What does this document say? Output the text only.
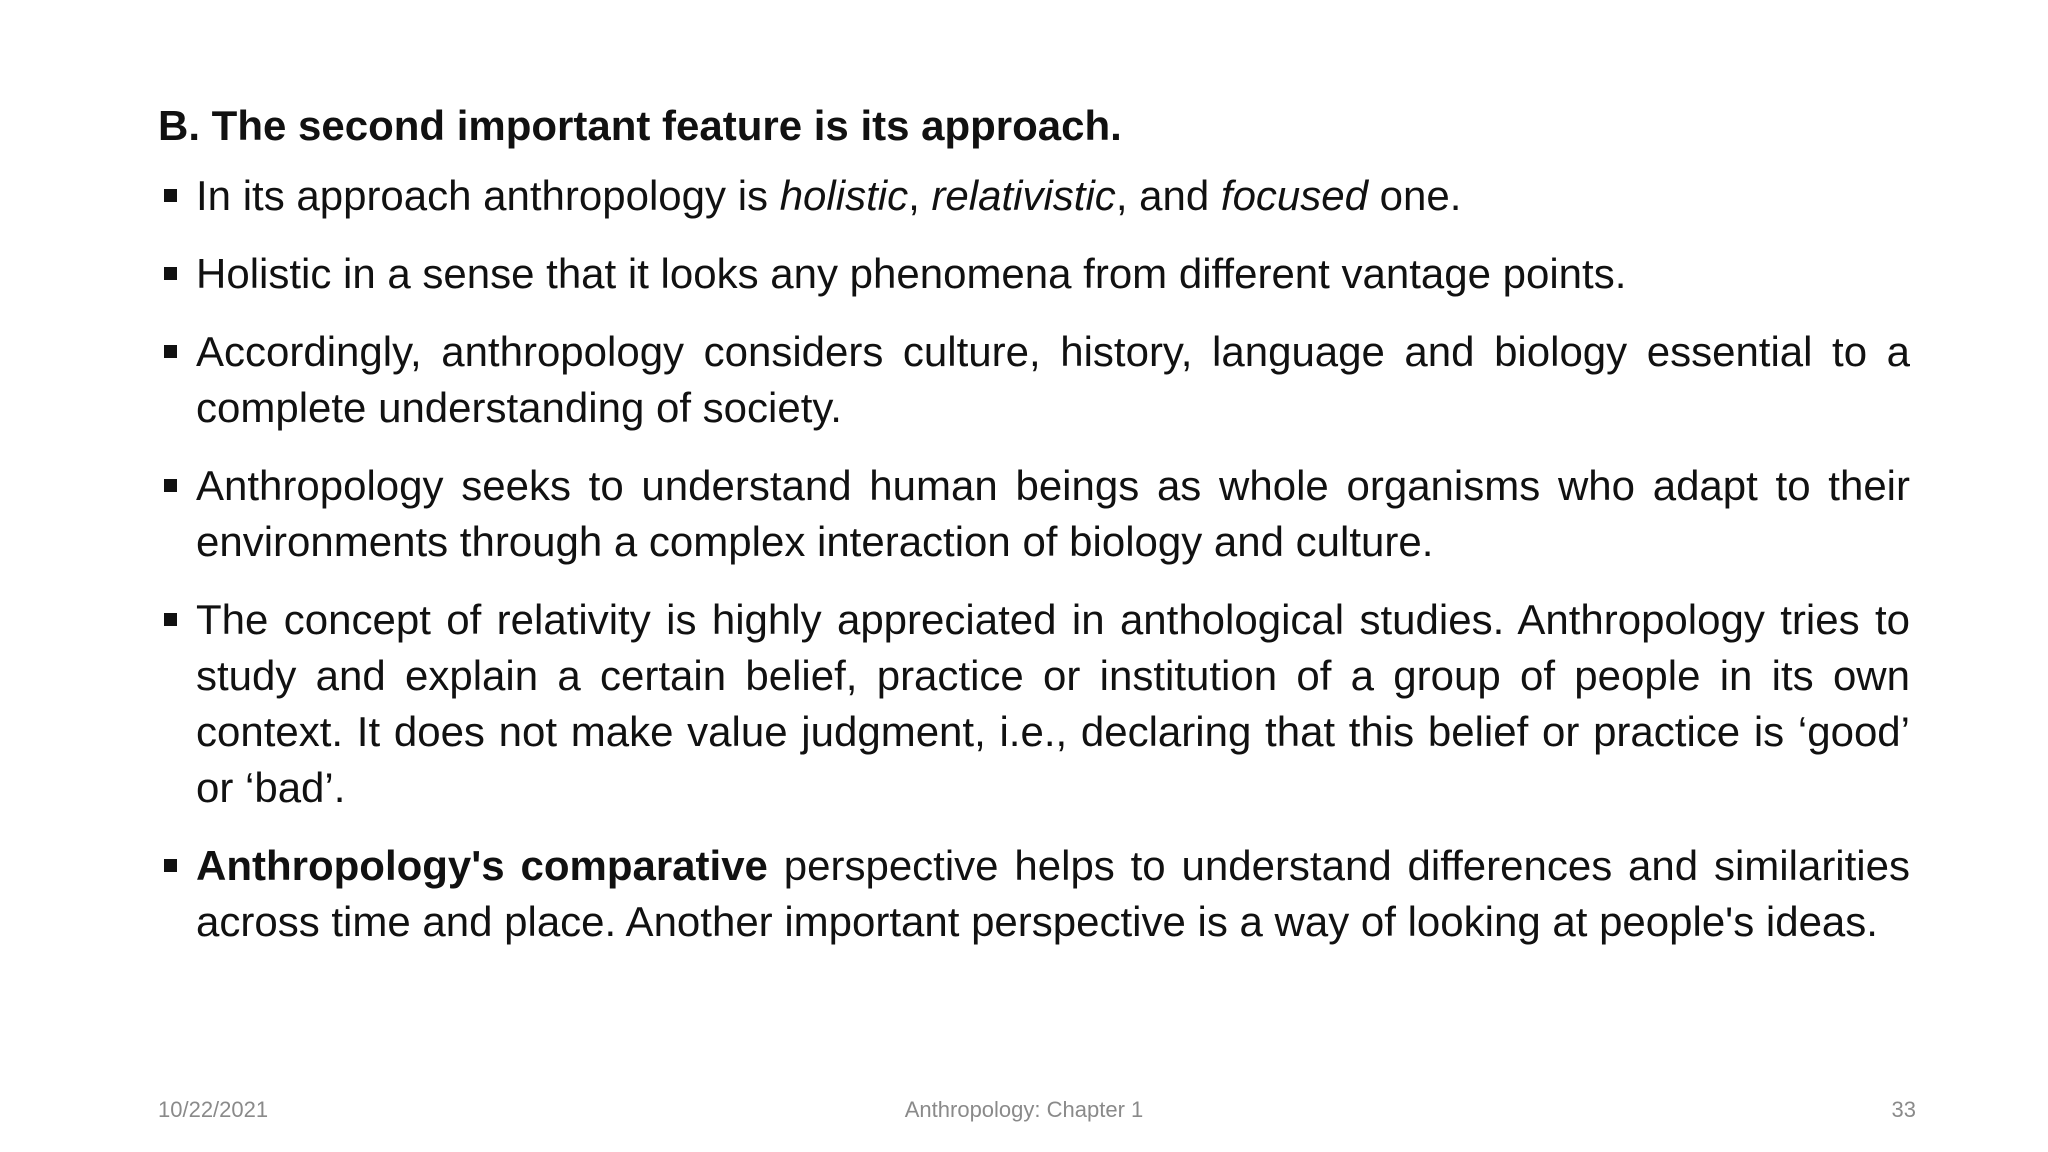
B. The second important feature is its approach.
In its approach anthropology is holistic, relativistic, and focused one.
Holistic in a sense that it looks any phenomena from different vantage points.
Accordingly, anthropology considers culture, history, language and biology essential to a complete understanding of society.
Anthropology seeks to understand human beings as whole organisms who adapt to their environments through a complex interaction of biology and culture.
The concept of relativity is highly appreciated in anthological studies. Anthropology tries to study and explain a certain belief, practice or institution of a group of people in its own context. It does not make value judgment, i.e., declaring that this belief or practice is ‘good’ or ‘bad’.
Anthropology's comparative perspective helps to understand differences and similarities across time and place. Another important perspective is a way of looking at people's ideas.
10/22/2021	Anthropology: Chapter 1	33
